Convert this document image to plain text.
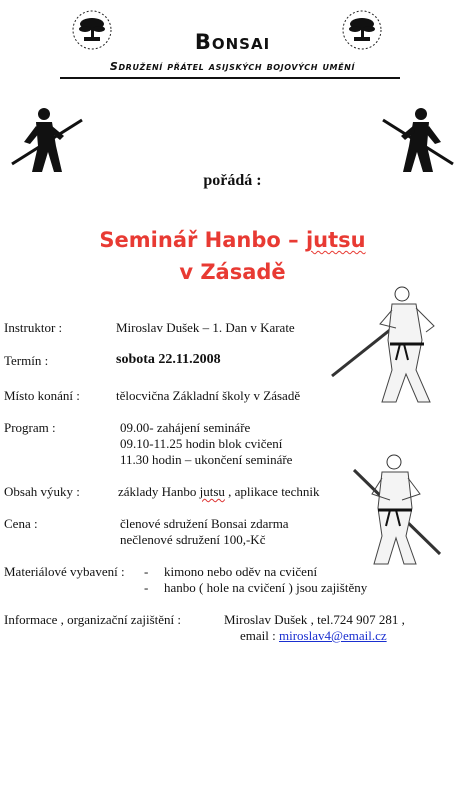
Bonsai
Sdružení přátel asijských bojových umění
pořádá :
Seminář Hanbo – jutsu
v Zásadě
Instruktor :	Miroslav Dušek – 1. Dan v Karate
Termín :	sobota 22.11.2008
Místo konání :	tělocvična Základní školy v Zásadě
Program :	09.00- zahájení semináře
09.10-11.25 hodin blok cvičení
11.30 hodin – ukončení semináře
Obsah výuky :	základy Hanbo jutsu , aplikace technik
Cena :	členové sdružení Bonsai zdarma
nečlenové sdružení 100,-Kč
Materiálové vybavení : - kimono nebo oděv na cvičení
- hanbo ( hole na cvičení ) jsou zajištěny
Informace , organizační zajištění :	Miroslav Dušek , tel.724 907 281 ,
email : miroslav4@email.cz
